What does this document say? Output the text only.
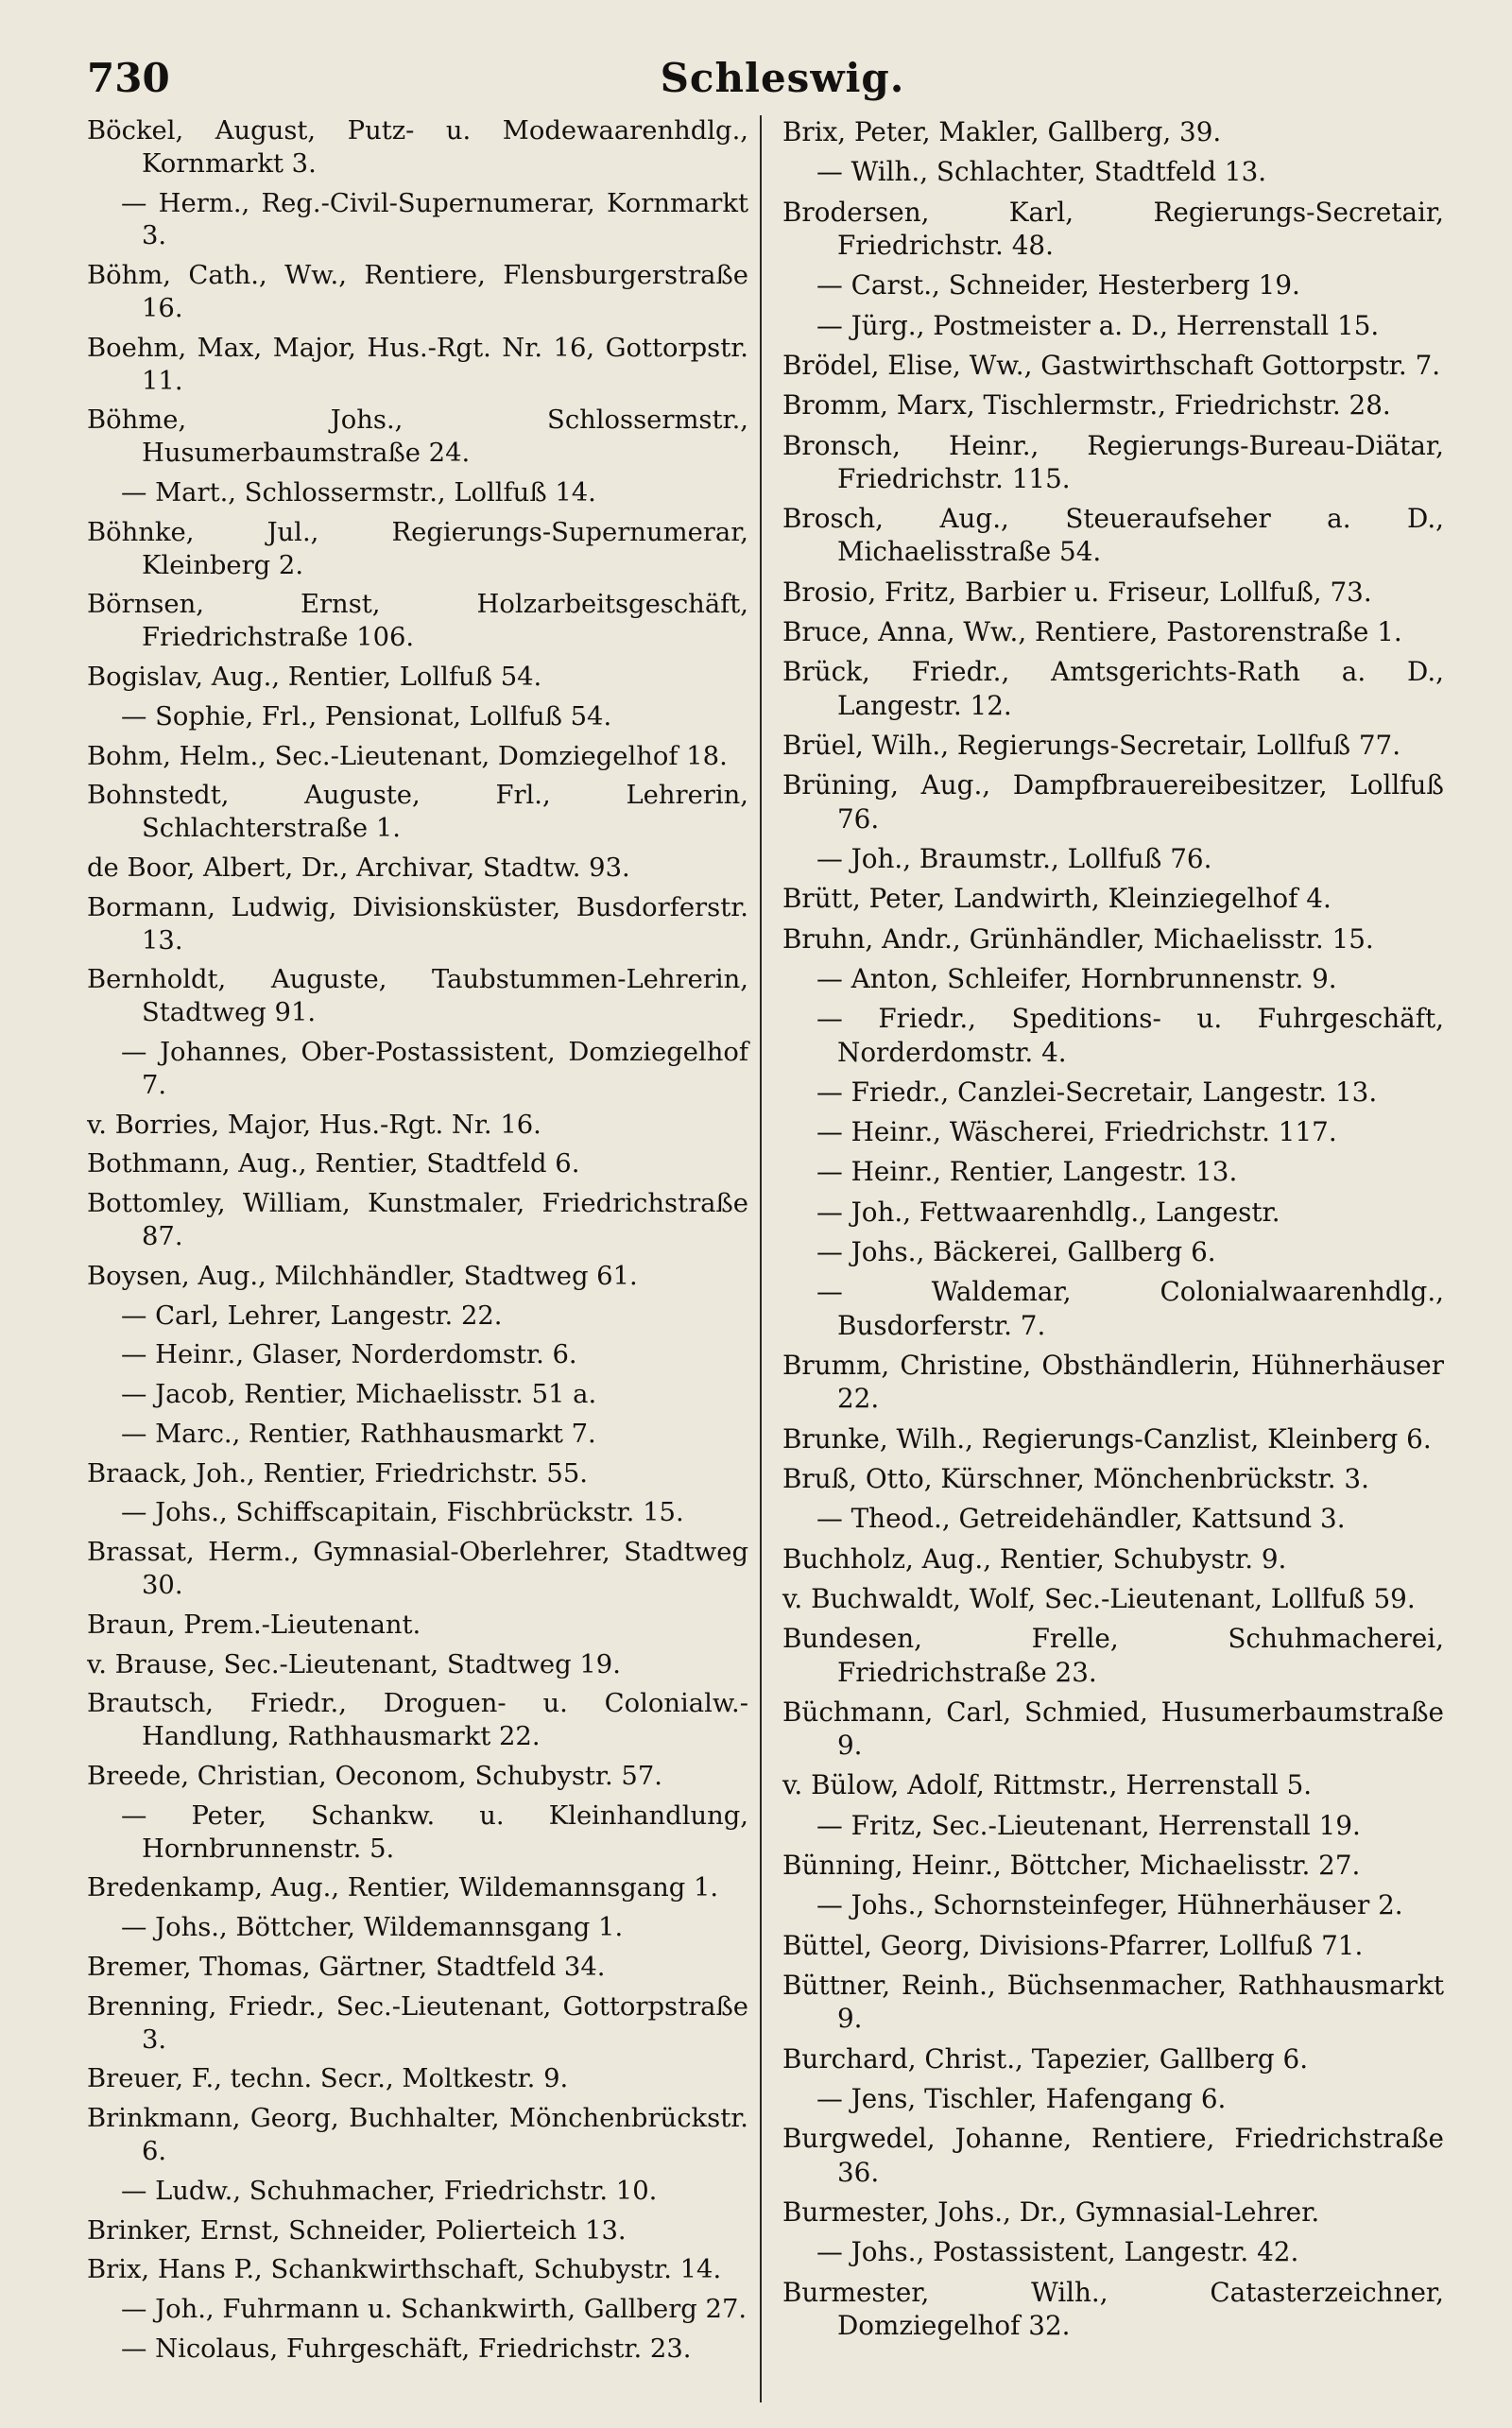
730	Schleswig.
Böckel, August, Putz- u. Modewaarenhdlg., Kornmarkt 3.
— Herm., Reg.-Civil-Supernumerar, Kornmarkt 3.
Böhm, Cath., Ww., Rentiere, Flensburgerstraße 16.
Boehm, Max, Major, Hus.-Rgt. Nr. 16, Gottorpstr. 11.
Böhme, Johs., Schlossermstr., Husumerbaumstraße 24.
— Mart., Schlossermstr., Lollfuß 14.
Böhnke, Jul., Regierungs-Supernumerar, Kleinberg 2.
Börnsen, Ernst, Holzarbeitsgeschäft, Friedrichstraße 106.
Bogislav, Aug., Rentier, Lollfuß 54.
— Sophie, Frl., Pensionat, Lollfuß 54.
Bohm, Helm., Sec.-Lieutenant, Domziegelhof 18.
Bohnstedt, Auguste, Frl., Lehrerin, Schlachterstraße 1.
de Boor, Albert, Dr., Archivar, Stadtw. 93.
Bormann, Ludwig, Divisionsküster, Busdorferstr. 13.
Bernholdt, Auguste, Taubstummen-Lehrerin, Stadtweg 91.
— Johannes, Ober-Postassistent, Domziegelhof 7.
v. Borries, Major, Hus.-Rgt. Nr. 16.
Bothmann, Aug., Rentier, Stadtfeld 6.
Bottomley, William, Kunstmaler, Friedrichstraße 87.
Boysen, Aug., Milchhändler, Stadtweg 61.
— Carl, Lehrer, Langestr. 22.
— Heinr., Glaser, Norderdomstr. 6.
— Jacob, Rentier, Michaelisstr. 51 a.
— Marc., Rentier, Rathhausmarkt 7.
Braack, Joh., Rentier, Friedrichstr. 55.
— Johs., Schiffscapitain, Fischbrückstr. 15.
Brassat, Herm., Gymnasial-Oberlehrer, Stadtweg 30.
Braun, Prem.-Lieutenant.
v. Brause, Sec.-Lieutenant, Stadtweg 19.
Brautsch, Friedr., Droguen- u. Colonialw.-Handlung, Rathhausmarkt 22.
Breede, Christian, Oeconom, Schubystr. 57.
— Peter, Schankw. u. Kleinhandlung, Hornbrunnenstr. 5.
Bredenkamp, Aug., Rentier, Wildemannsgang 1.
— Johs., Böttcher, Wildemannsgang 1.
Bremer, Thomas, Gärtner, Stadtfeld 34.
Brenning, Friedr., Sec.-Lieutenant, Gottorpstraße 3.
Breuer, F., techn. Secr., Moltkestr. 9.
Brinkmann, Georg, Buchhalter, Mönchenbrückstr. 6.
— Ludw., Schuhmacher, Friedrichstr. 10.
Brinker, Ernst, Schneider, Polierteich 13.
Brix, Hans P., Schankwirthschaft, Schubystr. 14.
— Joh., Fuhrmann u. Schankwirth, Gallberg 27.
— Nicolaus, Fuhrgeschäft, Friedrichstr. 23.
Brix, Peter, Makler, Gallberg, 39.
— Wilh., Schlachter, Stadtfeld 13.
Brodersen, Karl, Regierungs-Secretair, Friedrichstr. 48.
— Carst., Schneider, Hesterberg 19.
— Jürg., Postmeister a. D., Herrenstall 15.
Brödel, Elise, Ww., Gastwirthschaft Gottorpstr. 7.
Bromm, Marx, Tischlermstr., Friedrichstr. 28.
Bronsch, Heinr., Regierungs-Bureau-Diätar, Friedrichstr. 115.
Brosch, Aug., Steueraufseher a. D., Michaelisstraße 54.
Brosio, Fritz, Barbier u. Friseur, Lollfuß, 73.
Bruce, Anna, Ww., Rentiere, Pastorenstraße 1.
Brück, Friedr., Amtsgerichts-Rath a. D., Langestr. 12.
Brüel, Wilh., Regierungs-Secretair, Lollfuß 77.
Brüning, Aug., Dampfbrauereibesitzer, Lollfuß 76.
— Joh., Braumstr., Lollfuß 76.
Brütt, Peter, Landwirth, Kleinziegelhof 4.
Bruhn, Andr., Grünhändler, Michaelisstr. 15.
— Anton, Schleifer, Hornbrunnenstr. 9.
— Friedr., Speditions- u. Fuhrgeschäft, Norderdomstr. 4.
— Friedr., Canzlei-Secretair, Langestr. 13.
— Heinr., Wäscherei, Friedrichstr. 117.
— Heinr., Rentier, Langestr. 13.
— Joh., Fettwaarenhdlg., Langestr.
— Johs., Bäckerei, Gallberg 6.
— Waldemar, Colonialwaarenhdlg., Busdorferstr. 7.
Brumm, Christine, Obsthändlerin, Hühnerhäuser 22.
Brunke, Wilh., Regierungs-Canzlist, Kleinberg 6.
Bruß, Otto, Kürschner, Mönchenbrückstr. 3.
— Theod., Getreidehändler, Kattsund 3.
Buchholz, Aug., Rentier, Schubystr. 9.
v. Buchwaldt, Wolf, Sec.-Lieutenant, Lollfuß 59.
Bundesen, Frelle, Schuhmacherei, Friedrichstraße 23.
Büchmann, Carl, Schmied, Husumerbaumstraße 9.
v. Bülow, Adolf, Rittmstr., Herrenstall 5.
— Fritz, Sec.-Lieutenant, Herrenstall 19.
Bünning, Heinr., Böttcher, Michaelisstr. 27.
— Johs., Schornsteinfeger, Hühnerhäuser 2.
Büttel, Georg, Divisions-Pfarrer, Lollfuß 71.
Büttner, Reinh., Büchsenmacher, Rathhausmarkt 9.
Burchard, Christ., Tapezier, Gallberg 6.
— Jens, Tischler, Hafengang 6.
Burgwedel, Johanne, Rentiere, Friedrichstraße 36.
Burmester, Johs., Dr., Gymnasial-Lehrer.
— Johs., Postassistent, Langestr. 42.
Burmester, Wilh., Catasterzeichner, Domziegelhof 32.
